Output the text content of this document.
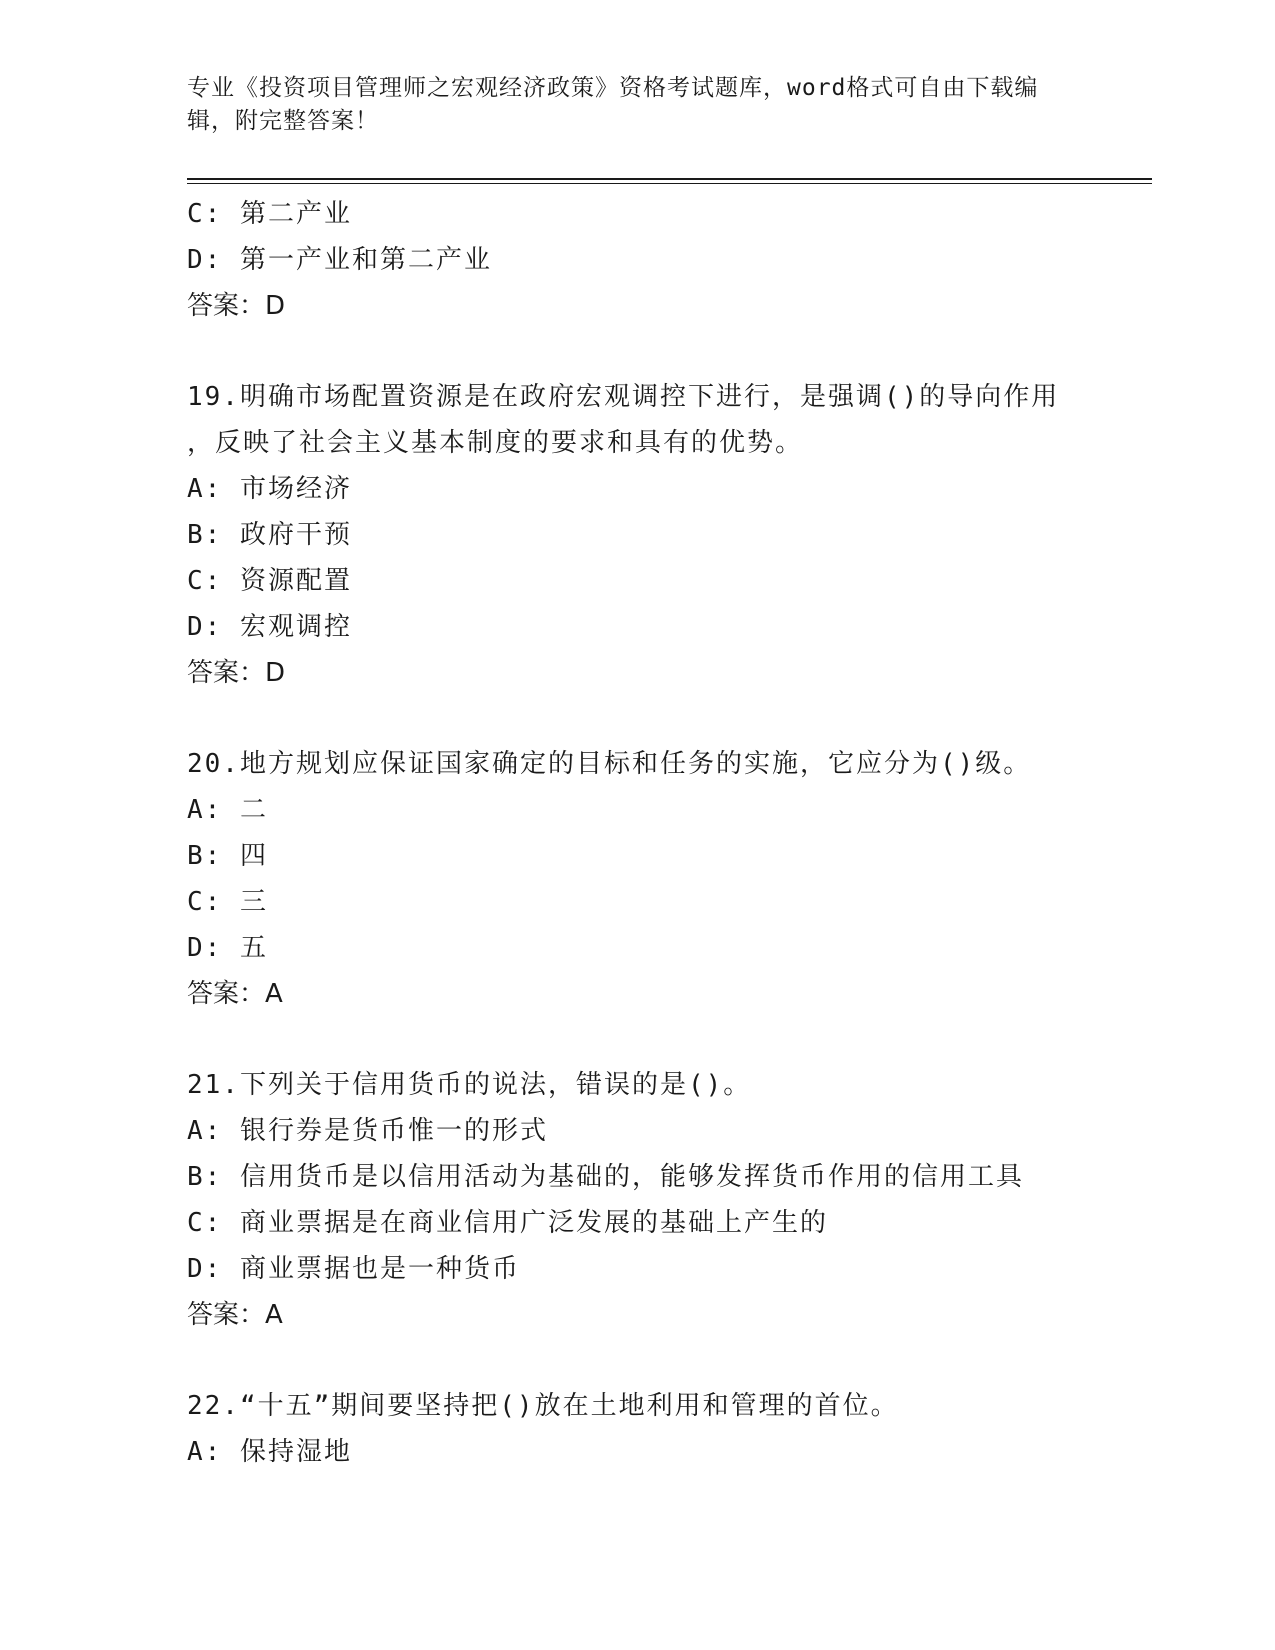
专业《投资项目管理师之宏观经济政策》资格考试题库，word格式可自由下载编辑，附完整答案！
C: 第二产业
D: 第一产业和第二产业
答案：D
19.明确市场配置资源是在政府宏观调控下进行，是强调()的导向作用
，反映了社会主义基本制度的要求和具有的优势。
A: 市场经济
B: 政府干预
C: 资源配置
D: 宏观调控
答案：D
20.地方规划应保证国家确定的目标和任务的实施，它应分为()级。
A: 二
B: 四
C: 三
D: 五
答案：A
21.下列关于信用货币的说法，错误的是()。
A: 银行券是货币惟一的形式
B: 信用货币是以信用活动为基础的，能够发挥货币作用的信用工具
C: 商业票据是在商业信用广泛发展的基础上产生的
D: 商业票据也是一种货币
答案：A
22.“十五”期间要坚持把()放在土地利用和管理的首位。
A: 保持湿地
